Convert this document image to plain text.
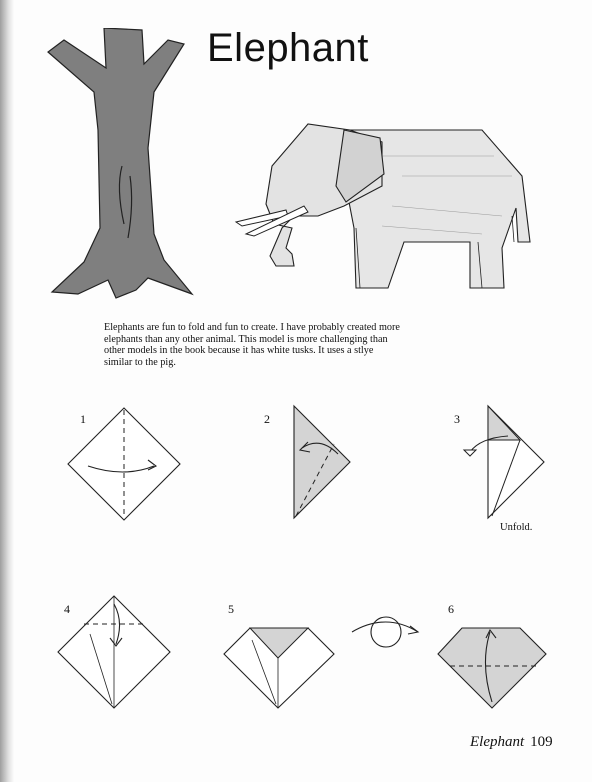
Elephant
Elephants are fun to fold and fun to create. I have probably created more elephants than any other animal. This model is more challenging than other models in the book because it has white tusks. It uses a stlye similar to the pig.
1	2	3
Unfold.
4	5	6
Elephant 109
